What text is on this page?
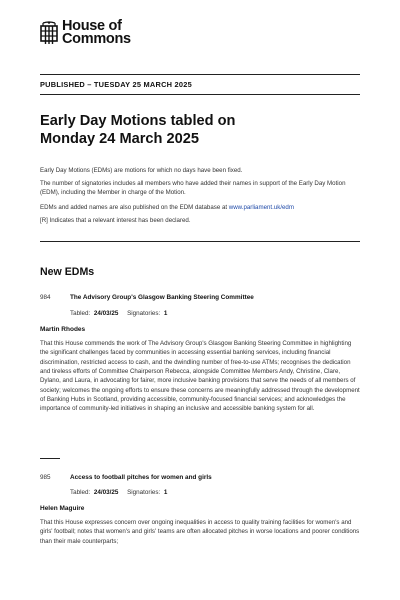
House of
Commons
PUBLISHED – TUESDAY 25 MARCH 2025
Early Day Motions tabled on
Monday 24 March 2025
Early Day Motions (EDMs) are motions for which no days have been fixed.
The number of signatories includes all members who have added their names in support of the Early Day Motion (EDM), including the Member in charge of the Motion.
EDMs and added names are also published on the EDM database at www.parliament.uk/edm
[R] Indicates that a relevant interest has been declared.
New EDMs
984	The Advisory Group's Glasgow Banking Steering Committee
Tabled: 24/03/25 Signatories: 1
Martin Rhodes
That this House commends the work of The Advisory Group's Glasgow Banking Steering Committee in highlighting the significant challenges faced by communities in accessing essential banking services, including financial discrimination, restricted access to cash, and the dwindling number of free-to-use ATMs; recognises the dedication and tireless efforts of Committee Chairperson Rebecca, alongside Committee Members Andy, Christine, Clare, Dylano, and Laura, in advocating for fairer, more inclusive banking provisions that serve the needs of all members of society; welcomes the ongoing efforts to ensure these concerns are meaningfully addressed through the development of Banking Hubs in Scotland, providing accessible, community-focused financial services; and acknowledges the importance of community-led initiatives in shaping an inclusive and accessible banking system for all.
985	Access to football pitches for women and girls
Tabled: 24/03/25 Signatories: 1
Helen Maguire
That this House expresses concern over ongoing inequalities in access to quality training facilities for women's and girls' football; notes that women's and girls' teams are often allocated pitches in worse locations and poorer conditions than their male counterparts;
